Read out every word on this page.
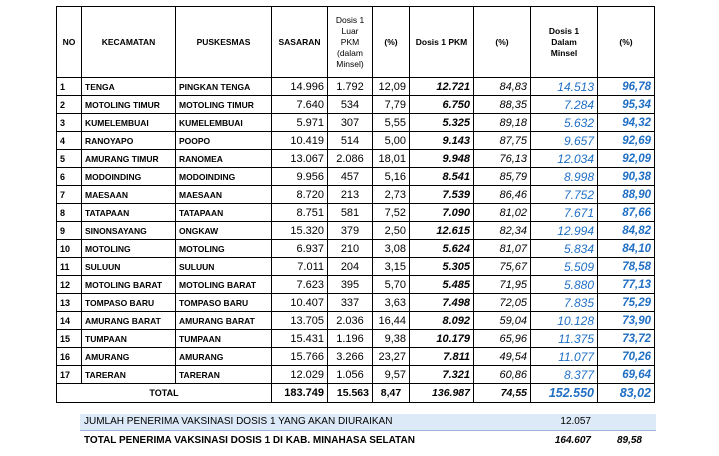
NO	KECAMATAN	PUSKESMAS	SASARAN	Dosis 1
Luar
PKM
(dalam
Minsel)	(%)	Dosis 1 PKM	(%)	Dosis 1
Dalam
Minsel	(%)
1	TENGA	PINGKAN TENGA	14.996	1.792	12,09	12.721	84,83	14.513	96,78
2	MOTOLING TIMUR	MOTOLING TIMUR	7.640	534	7,79	6.750	88,35	7.284	95,34
3	KUMELEMBUAI	KUMELEMBUAI	5.971	307	5,55	5.325	89,18	5.632	94,32
4	RANOYAPO	POOPO	10.419	514	5,00	9.143	87,75	9.657	92,69
5	AMURANG TIMUR	RANOMEA	13.067	2.086	18,01	9.948	76,13	12.034	92,09
6	MODOINDING	MODOINDING	9.956	457	5,16	8.541	85,79	8.998	90,38
7	MAESAAN	MAESAAN	8.720	213	2,73	7.539	86,46	7.752	88,90
8	TATAPAAN	TATAPAAN	8.751	581	7,52	7.090	81,02	7.671	87,66
9	SINONSAYANG	ONGKAW	15.320	379	2,50	12.615	82,34	12.994	84,82
10	MOTOLING	MOTOLING	6.937	210	3,08	5.624	81,07	5.834	84,10
11	SULUUN	SULUUN	7.011	204	3,15	5.305	75,67	5.509	78,58
12	MOTOLING BARAT	MOTOLING BARAT	7.623	395	5,70	5.485	71,95	5.880	77,13
13	TOMPASO BARU	TOMPASO BARU	10.407	337	3,63	7.498	72,05	7.835	75,29
14	AMURANG BARAT	AMURANG BARAT	13.705	2.036	16,44	8.092	59,04	10.128	73,90
15	TUMPAAN	TUMPAAN	15.431	1.196	9,38	10.179	65,96	11.375	73,72
16	AMURANG	AMURANG	15.766	3.266	23,27	7.811	49,54	11.077	70,26
17	TARERAN	TARERAN	12.029	1.056	9,57	7.321	60,86	8.377	69,64
TOTAL			183.749	15.563	8,47	136.987	74,55	152.550	83,02
JUMLAH PENERIMA VAKSINASI DOSIS 1 YANG AKAN DIURAIKAN	12.057
TOTAL PENERIMA VAKSINASI DOSIS 1 DI KAB. MINAHASA SELATAN	164.607	89,58
